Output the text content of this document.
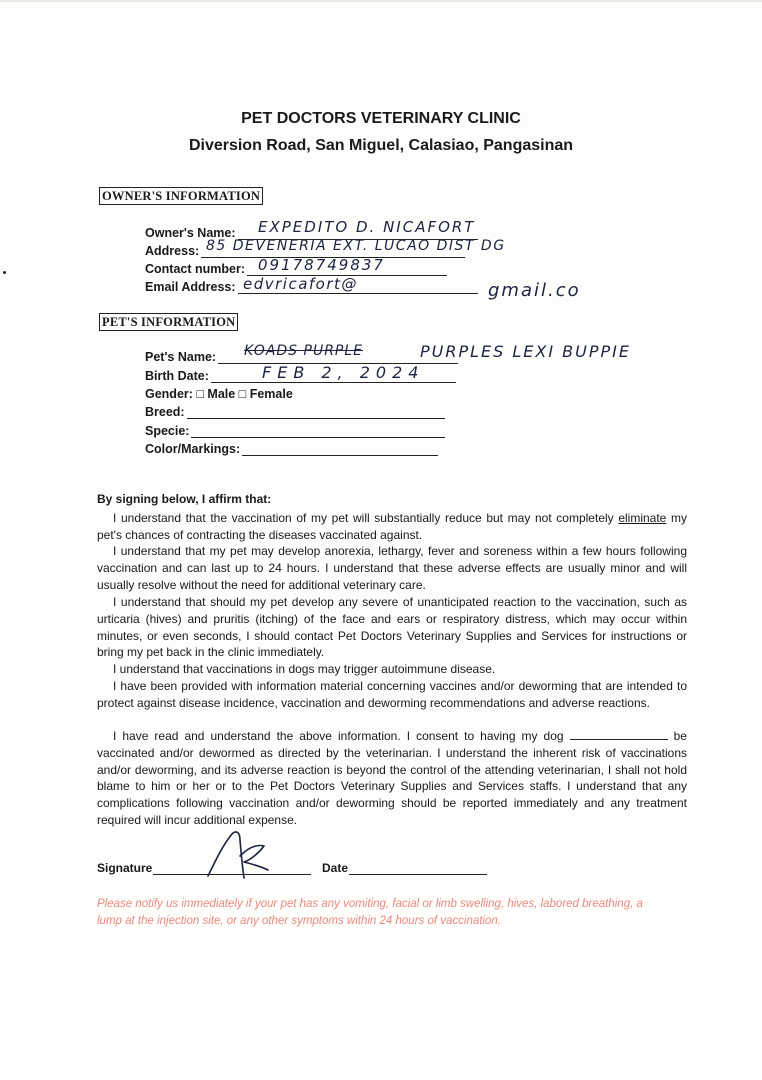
PET DOCTORS VETERINARY CLINIC
Diversion Road, San Miguel, Calasiao, Pangasinan
OWNER'S INFORMATION
Owner's Name: EXPEDITO D. NICAFORT
Address: 85 DEVENERIA EXT. LUCAO DIST DG
Contact number: 09178749837
Email Address: edvricafort@	gmail.co
PET'S INFORMATION
Pet's Name: KOADS PURPLE	PURPLES LEXI BUPPIE
Birth Date:	FEB 2, 2024
Gender: □ Male □ Female
Breed:
Specie:
Color/Markings:
By signing below, I affirm that:

I understand that the vaccination of my pet will substantially reduce but may not completely eliminate my pet's chances of contracting the diseases vaccinated against.

I understand that my pet may develop anorexia, lethargy, fever and soreness within a few hours following vaccination and can last up to 24 hours. I understand that these adverse effects are usually minor and will usually resolve without the need for additional veterinary care.

I understand that should my pet develop any severe of unanticipated reaction to the vaccination, such as urticaria (hives) and pruritis (itching) of the face and ears or respiratory distress, which may occur within minutes, or even seconds, I should contact Pet Doctors Veterinary Supplies and Services for instructions or bring my pet back in the clinic immediately.

I understand that vaccinations in dogs may trigger autoimmune disease.

I have been provided with information material concerning vaccines and/or deworming that are intended to protect against disease incidence, vaccination and deworming recommendations and adverse reactions.

I have read and understand the above information. I consent to having my dog	be vaccinated and/or dewormed as directed by the veterinarian. I understand the inherent risk of vaccinations and/or deworming, and its adverse reaction is beyond the control of the attending veterinarian, I shall not hold blame to him or her or to the Pet Doctors Veterinary Supplies and Services staffs. I understand that any complications following vaccination and/or deworming should be reported immediately and any treatment required will incur additional expense.

Signature	Date
Please notify us immediately if your pet has any vomiting, facial or limb swelling, hives, labored breathing, a lump at the injection site, or any other symptoms within 24 hours of vaccination.
